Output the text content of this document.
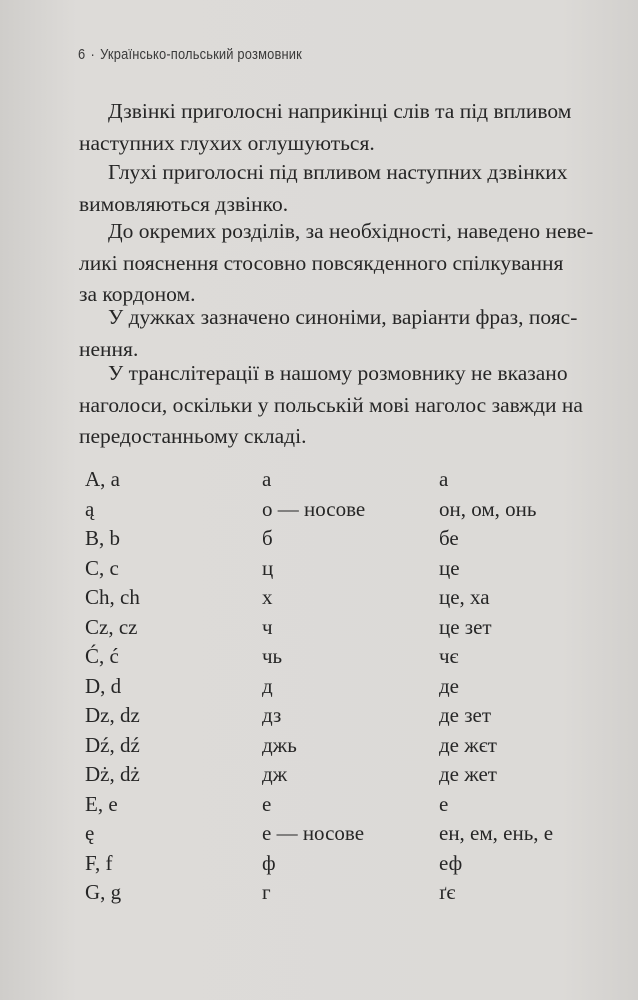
6 · Українсько-польський розмовник

Дзвінкі приголосні наприкінці слів та під впливом
наступних глухих оглушуються.

Глухі приголосні під впливом наступних дзвінких
вимовляються дзвінко.

До окремих розділів, за необхідності, наведено неве-
ликі пояснення стосовно повсякденного спілкування
за кордоном.

У дужках зазначено синоніми, варіанти фраз, пояс-
нення.

У транслітерації в нашому розмовнику не вказано
наголоси, оскільки у польській мові наголос завжди на
передостанньому складі.

A, a	а	а
ą	о — носове	он, ом, онь
B, b	б	бе
C, c	ц	це
Ch, ch	х	це, ха
Cz, cz	ч	це зет
Ć, ć	чь	чє
D, d	д	де
Dz, dz	дз	де зет
Dź, dź	джь	де жєт
Dż, dż	дж	де жет
E, e	е	е
ę	е — носове	ен, ем, ень, е
F, f	ф	еф
G, g	г	ґє
